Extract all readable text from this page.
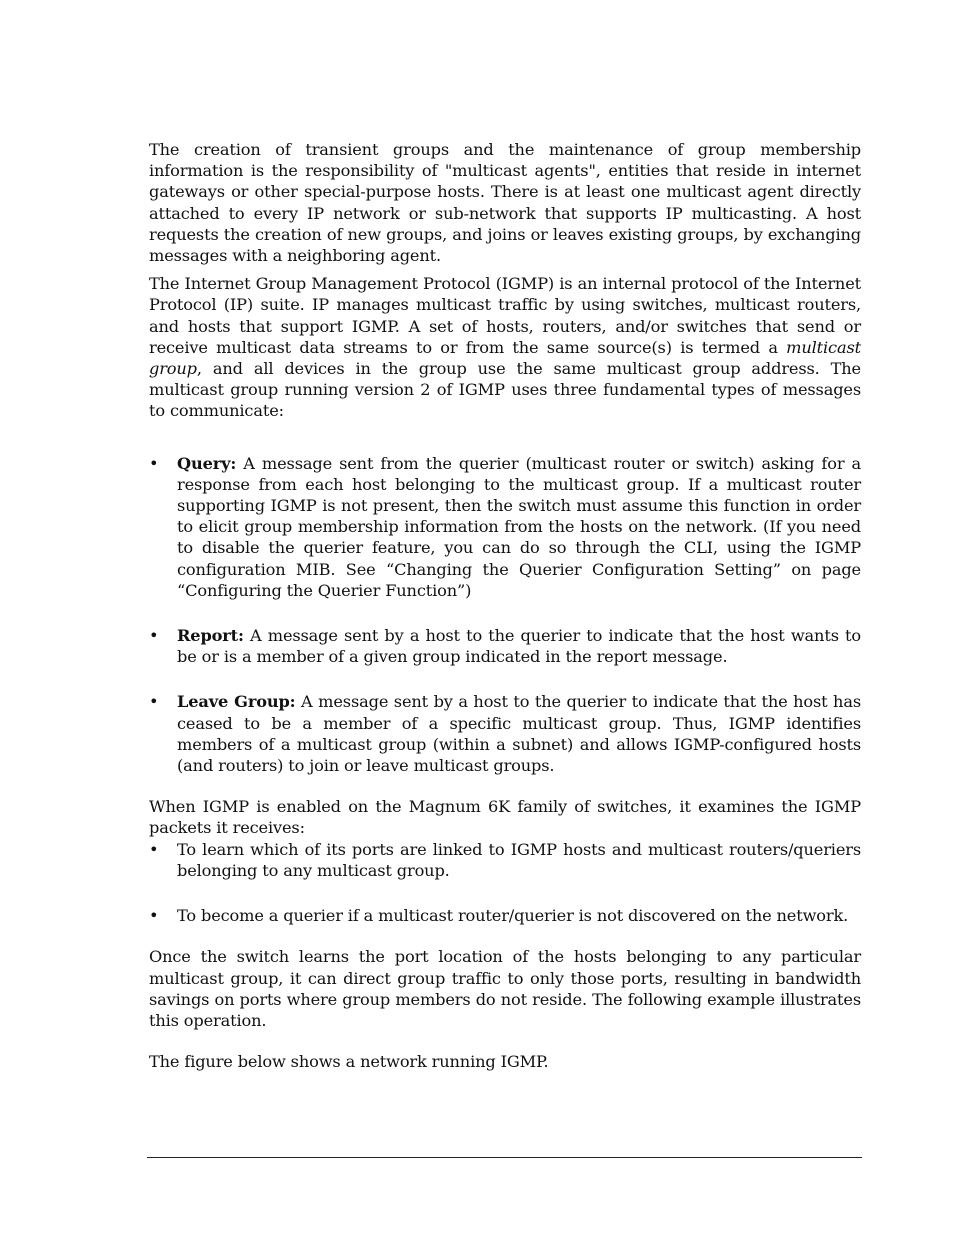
The creation of transient groups and the maintenance of group membership information is the responsibility of "multicast agents", entities that reside in internet gateways or other special-purpose hosts. There is at least one multicast agent directly attached to every IP network or sub-network that supports IP multicasting. A host requests the creation of new groups, and joins or leaves existing groups, by exchanging messages with a neighboring agent.

The Internet Group Management Protocol (IGMP) is an internal protocol of the Internet Protocol (IP) suite. IP manages multicast traffic by using switches, multicast routers, and hosts that support IGMP. A set of hosts, routers, and/or switches that send or receive multicast data streams to or from the same source(s) is termed a multicast group, and all devices in the group use the same multicast group address. The multicast group running version 2 of IGMP uses three fundamental types of messages to communicate:

• Query: A message sent from the querier (multicast router or switch) asking for a response from each host belonging to the multicast group. If a multicast router supporting IGMP is not present, then the switch must assume this function in order to elicit group membership information from the hosts on the network. (If you need to disable the querier feature, you can do so through the CLI, using the IGMP configuration MIB. See “Changing the Querier Configuration Setting” on page “Configuring the Querier Function”)
• Report: A message sent by a host to the querier to indicate that the host wants to be or is a member of a given group indicated in the report message.
• Leave Group: A message sent by a host to the querier to indicate that the host has ceased to be a member of a specific multicast group. Thus, IGMP identifies members of a multicast group (within a subnet) and allows IGMP-configured hosts (and routers) to join or leave multicast groups.

When IGMP is enabled on the Magnum 6K family of switches, it examines the IGMP packets it receives:

• To learn which of its ports are linked to IGMP hosts and multicast routers/queriers belonging to any multicast group.
• To become a querier if a multicast router/querier is not discovered on the network.

Once the switch learns the port location of the hosts belonging to any particular multicast group, it can direct group traffic to only those ports, resulting in bandwidth savings on ports where group members do not reside. The following example illustrates this operation.

The figure below shows a network running IGMP.
